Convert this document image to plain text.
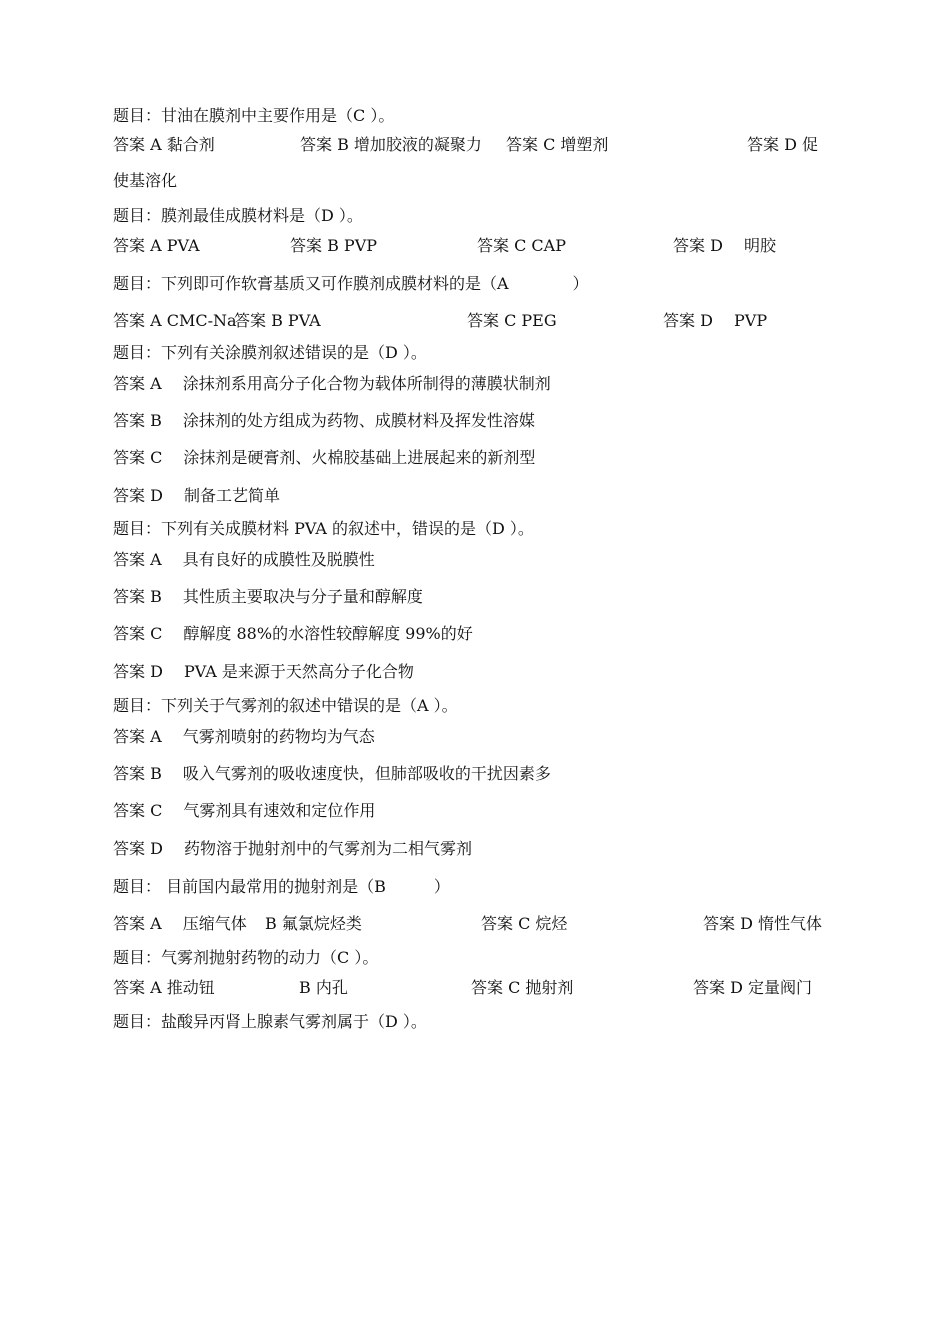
题目：甘油在膜剂中主要作用是（C ）。
答案 A 黏合剂	答案 B 增加胶液的凝聚力 答案 C 增塑剂	答案 D 促
使基溶化
题目：膜剂最佳成膜材料是（D ）。
答案 A PVA	答案 B PVP	答案 C CAP	答案 D　 明胶
题目：下列即可作软膏基质又可作膜剂成膜材料的是（A　　　　）
答案 A CMC-Na
答案 B PVA	答案 C PEG	答案 D　 PVP
题目：下列有关涂膜剂叙述错误的是（D ）。
答案 A　 涂抹剂系用高分子化合物为载体所制得的薄膜状制剂
答案 B　 涂抹剂的处方组成为药物、成膜材料及挥发性溶媒
答案 C　 涂抹剂是硬膏剂、火棉胶基础上进展起来的新剂型
答案 D　 制备工艺简单
题目：下列有关成膜材料 PVA 的叙述中，错误的是（D ）。
答案 A　 具有良好的成膜性及脱膜性
答案 B　 其性质主要取决与分子量和醇解度
答案 C　 醇解度 88%的水溶性较醇解度 99%的好
答案 D　 PVA 是来源于天然高分子化合物
题目：下列关于气雾剂的叙述中错误的是（A ）。
答案 A　 气雾剂喷射的药物均为气态
答案 B　 吸入气雾剂的吸收速度快，但肺部吸收的干扰因素多
答案 C　 气雾剂具有速效和定位作用
答案 D　 药物溶于抛射剂中的气雾剂为二相气雾剂
题目： 目前国内最常用的抛射剂是（B　　　）
答案 A　 压缩气体 B 氟氯烷烃类	答案 C 烷烃	答案 D 惰性气体
题目：气雾剂抛射药物的动力（C ）。
答案 A 推动钮	B 内孔	答案 C 抛射剂	答案 D 定量阀门
题目：盐酸异丙肾上腺素气雾剂属于（D ）。
